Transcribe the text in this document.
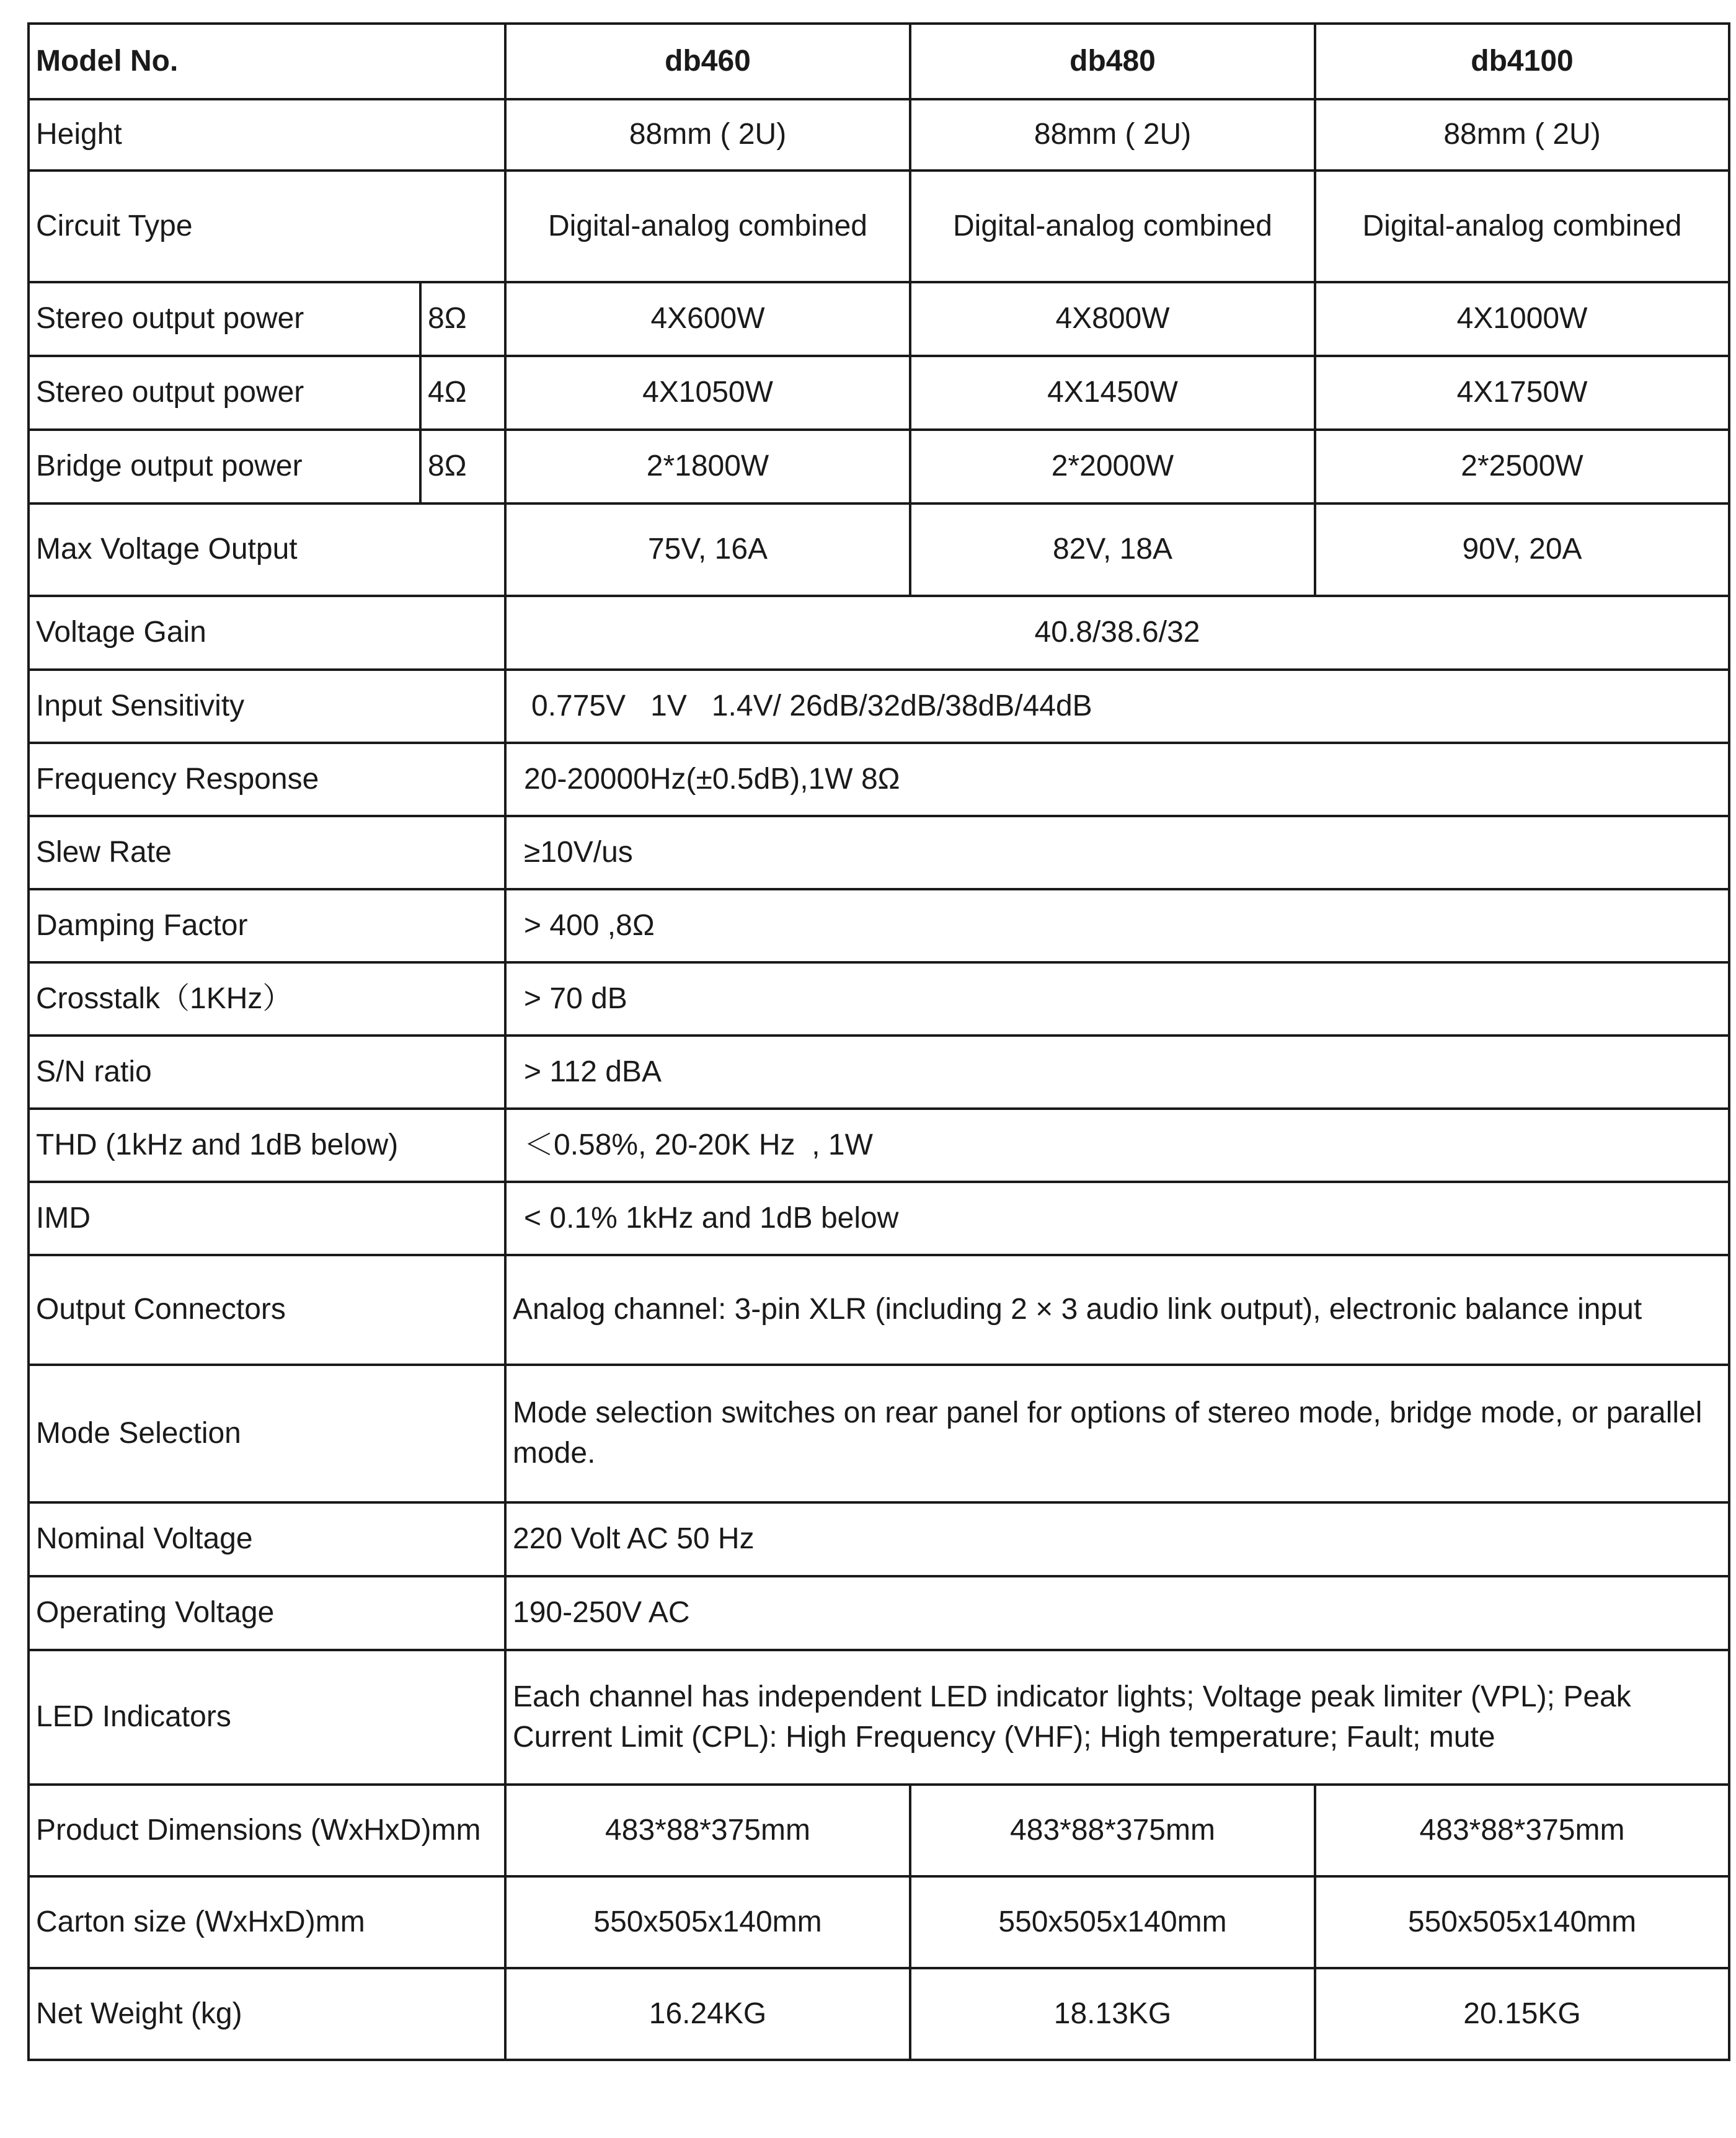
Model No.		db460	db480	db4100
Height		88mm ( 2U)	88mm ( 2U)	88mm ( 2U)
Circuit Type		Digital-analog combined	Digital-analog combined	Digital-analog combined
Stereo output power	8Ω	4X600W	4X800W	4X1000W
Stereo output power	4Ω	4X1050W	4X1450W	4X1750W
Bridge output power	8Ω	2*1800W	2*2000W	2*2500W
Max Voltage Output		75V, 16A	82V, 18A	90V, 20A
Voltage Gain		40.8/38.6/32		
Input Sensitivity		0.775V   1V   1.4V/ 26dB/32dB/38dB/44dB		
Frequency Response		20-20000Hz(±0.5dB),1W 8Ω		
Slew Rate		≥10V/us		
Damping Factor		> 400 ,8Ω		
Crosstalk（1KHz）		> 70 dB		
S/N ratio		> 112 dBA		
THD (1kHz and 1dB below)		＜0.58%, 20-20K Hz  , 1W		
IMD		< 0.1% 1kHz and 1dB below		
Output Connectors		Analog channel: 3-pin XLR (including 2 × 3 audio link output), electronic balance input		
Mode Selection		Mode selection switches on rear panel for options of stereo mode, bridge mode, or parallel mode.		
Nominal Voltage		220 Volt AC 50 Hz		
Operating Voltage		190-250V AC		
LED Indicators		Each channel has independent LED indicator lights; Voltage peak limiter (VPL); Peak Current Limit (CPL): High Frequency (VHF); High temperature; Fault; mute		
Product Dimensions (WxHxD)mm		483*88*375mm	483*88*375mm	483*88*375mm
Carton size (WxHxD)mm		550x505x140mm	550x505x140mm	550x505x140mm
Net Weight (kg)		16.24KG	18.13KG	20.15KG
